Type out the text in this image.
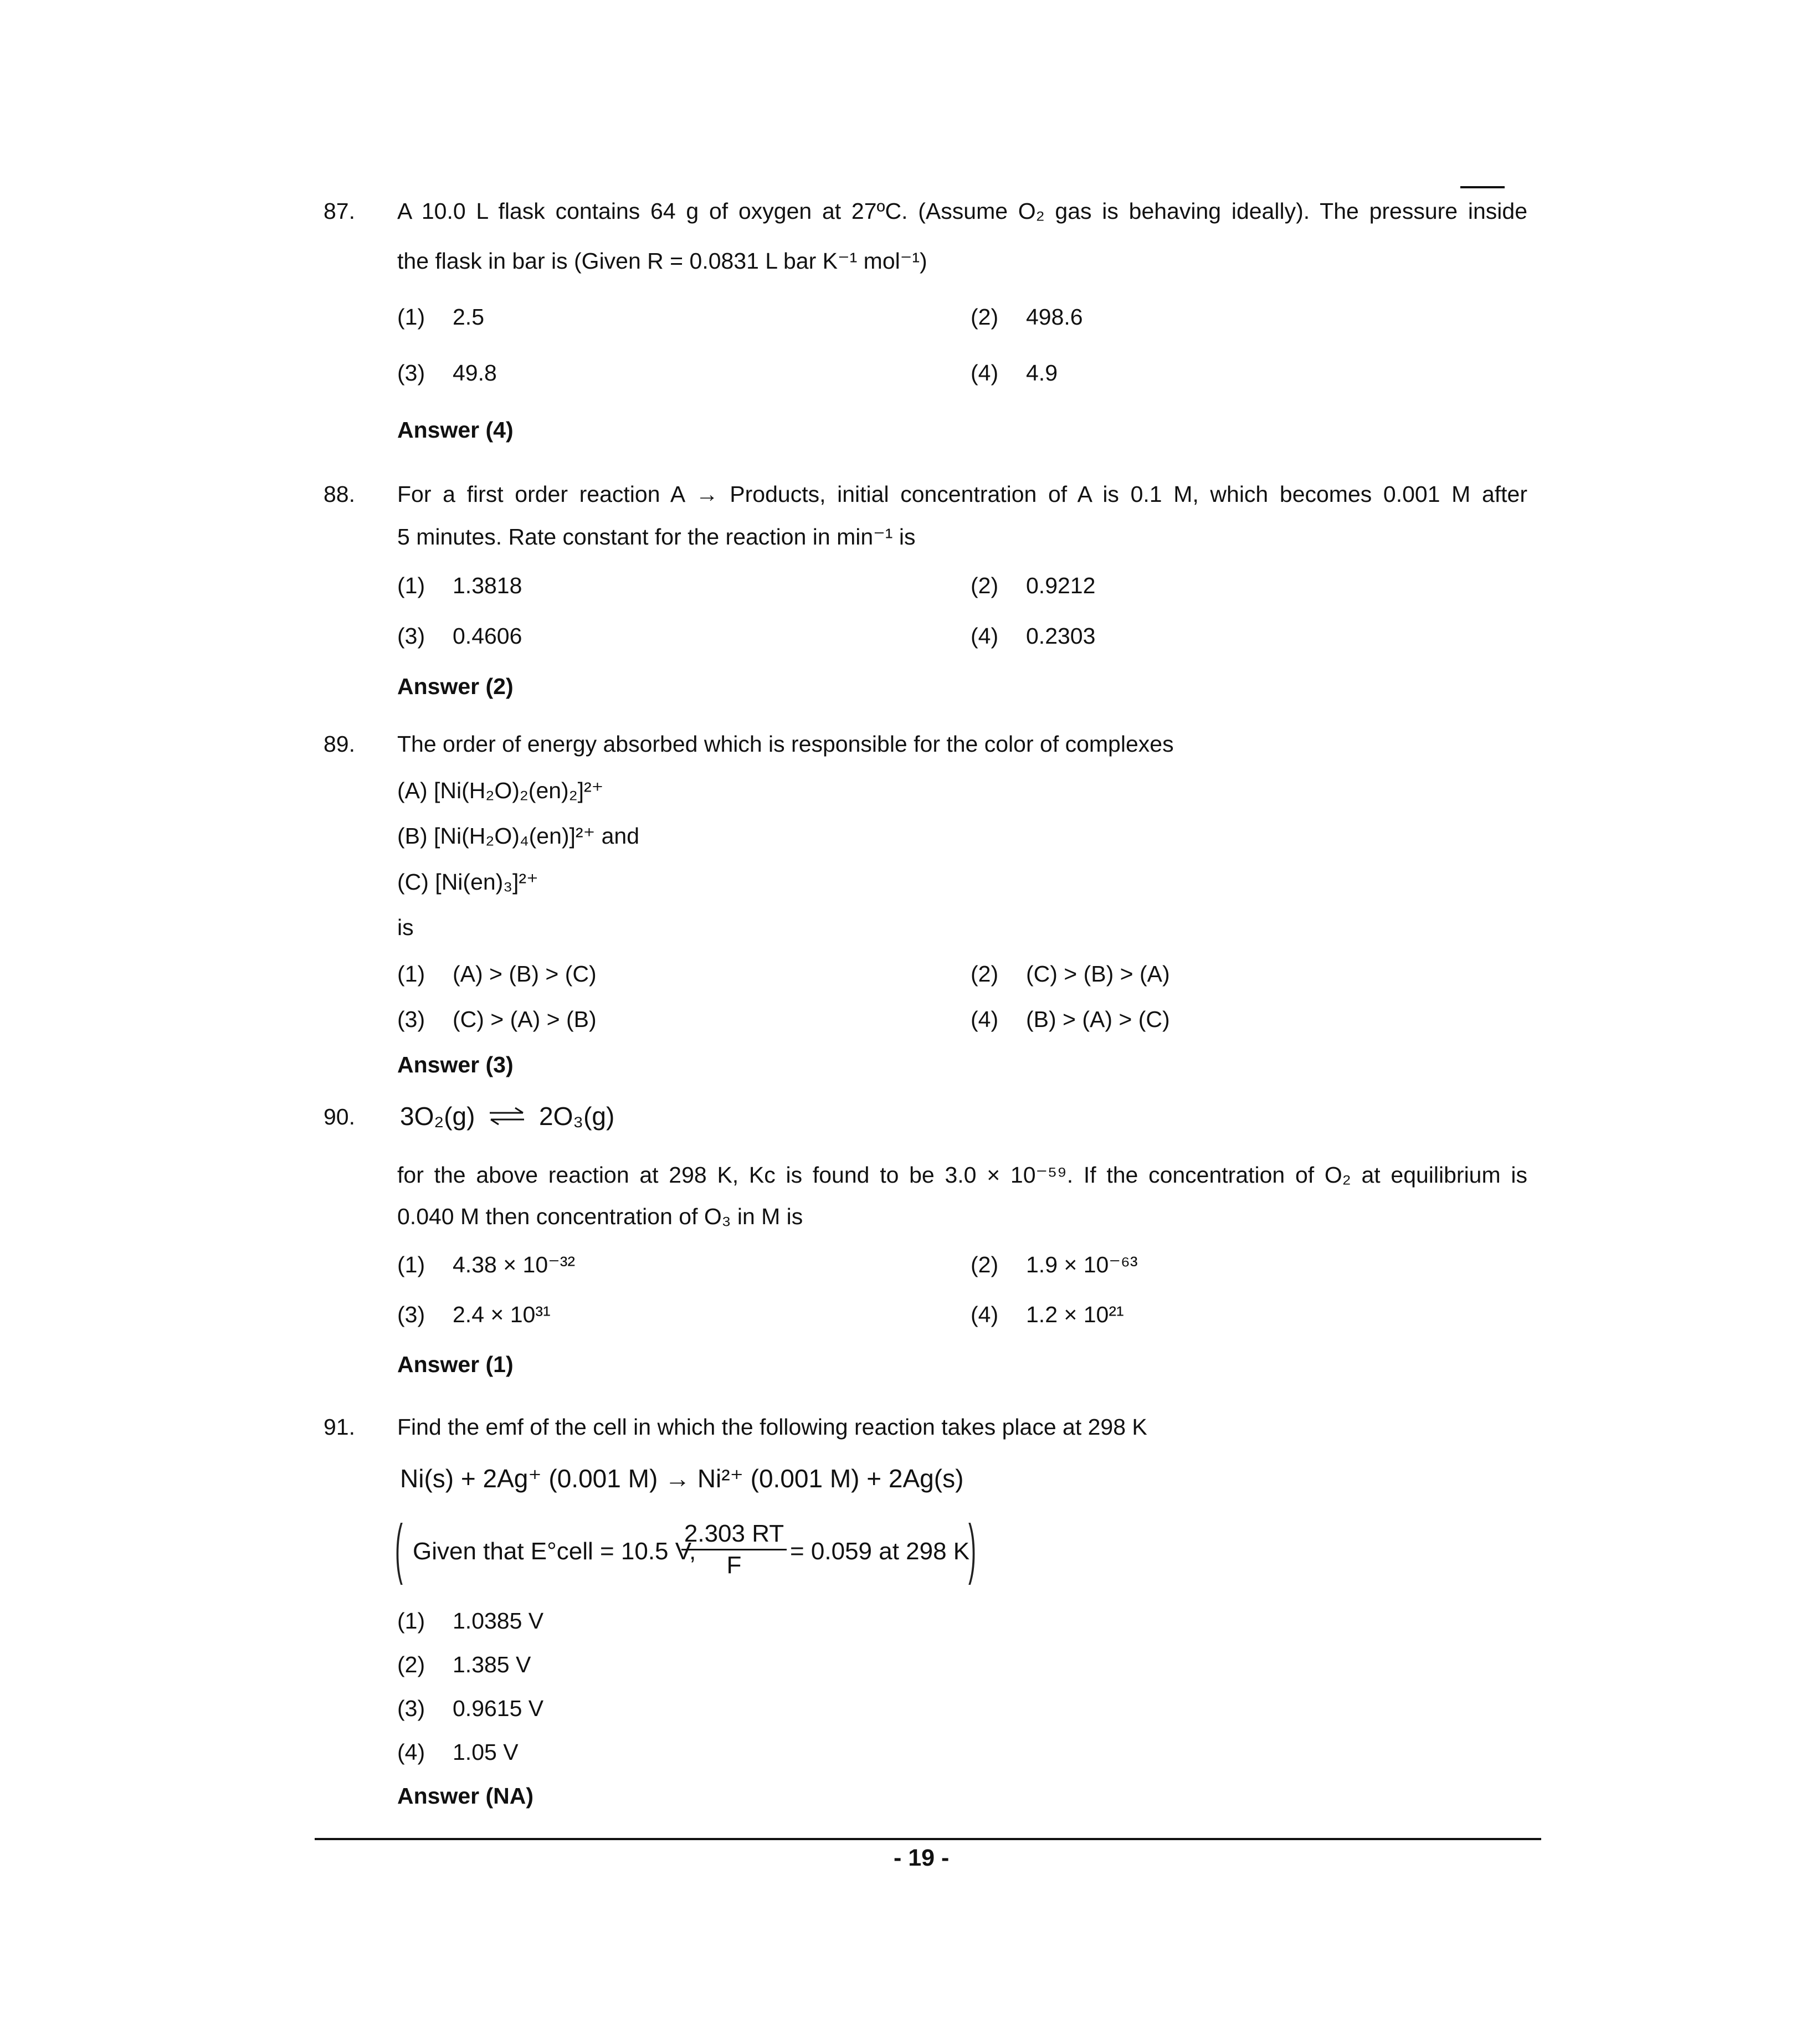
87. A 10.0 L flask contains 64 g of oxygen at 27ºC. (Assume O₂ gas is behaving ideally). The pressure inside
the flask in bar is (Given R = 0.0831 L bar K⁻¹ mol⁻¹)
(1) 2.5	(2) 498.6
(3) 49.8	(4) 4.9
Answer (4)
88. For a first order reaction A → Products, initial concentration of A is 0.1 M, which becomes 0.001 M after
5 minutes. Rate constant for the reaction in min⁻¹ is
(1) 1.3818	(2) 0.9212
(3) 0.4606	(4) 0.2303
Answer (2)
89. The order of energy absorbed which is responsible for the color of complexes
(A) [Ni(H₂O)₂(en)₂]²⁺
(B) [Ni(H₂O)₄(en)]²⁺ and
(C) [Ni(en)₃]²⁺
is
(1) (A) > (B) > (C)	(2) (C) > (B) > (A)
(3) (C) > (A) > (B)	(4) (B) > (A) > (C)
Answer (3)
90. 3O₂(g) ⇌ 2O₃(g)
for the above reaction at 298 K, Kc is found to be 3.0 × 10⁻⁵⁹. If the concentration of O₂ at equilibrium is
0.040 M then concentration of O₃ in M is
(1) 4.38 × 10⁻³²	(2) 1.9 × 10⁻⁶³
(3) 2.4 × 10³¹	(4) 1.2 × 10²¹
Answer (1)
91. Find the emf of the cell in which the following reaction takes place at 298 K
Ni(s) + 2Ag⁺ (0.001 M) → Ni²⁺ (0.001 M) + 2Ag(s)
( Given that E°cell = 10.5 V,
2.303 RT
F
= 0.059 at 298 K
)
(1) 1.0385 V
(2) 1.385 V
(3) 0.9615 V
(4) 1.05 V
Answer (NA)
- 19 -
